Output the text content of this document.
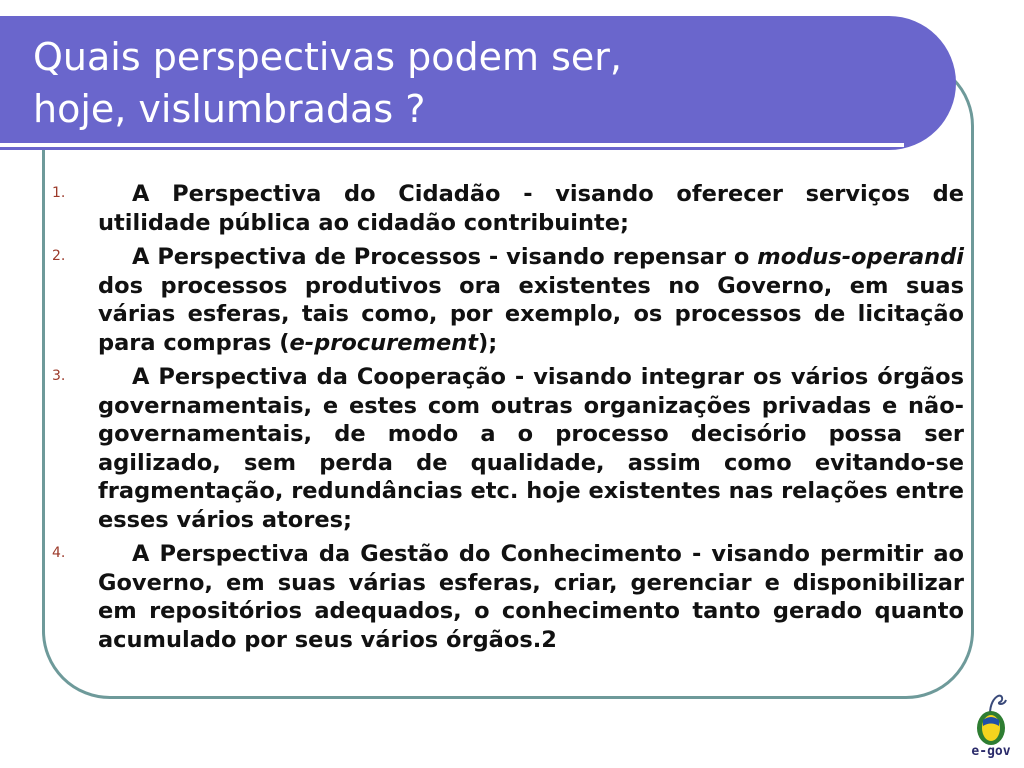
Quais perspectivas podem ser,
hoje, vislumbradas ?
1.	A Perspectiva do Cidadão - visando oferecer serviços de utilidade pública ao cidadão contribuinte;
2.	A Perspectiva de Processos - visando repensar o modus-operandi dos processos produtivos ora existentes no Governo, em suas várias esferas, tais como, por exemplo, os processos de licitação para compras (e-procurement);
3.	A Perspectiva da Cooperação - visando integrar os vários órgãos governamentais, e estes com outras organizações privadas e não-governamentais, de modo a o processo decisório possa ser agilizado, sem perda de qualidade, assim como evitando-se fragmentação, redundâncias etc. hoje existentes nas relações entre esses vários atores;
4.	A Perspectiva da Gestão do Conhecimento - visando permitir ao Governo, em suas várias esferas, criar, gerenciar e disponibilizar em repositórios adequados, o conhecimento tanto gerado quanto acumulado por seus vários órgãos.2
e-gov
